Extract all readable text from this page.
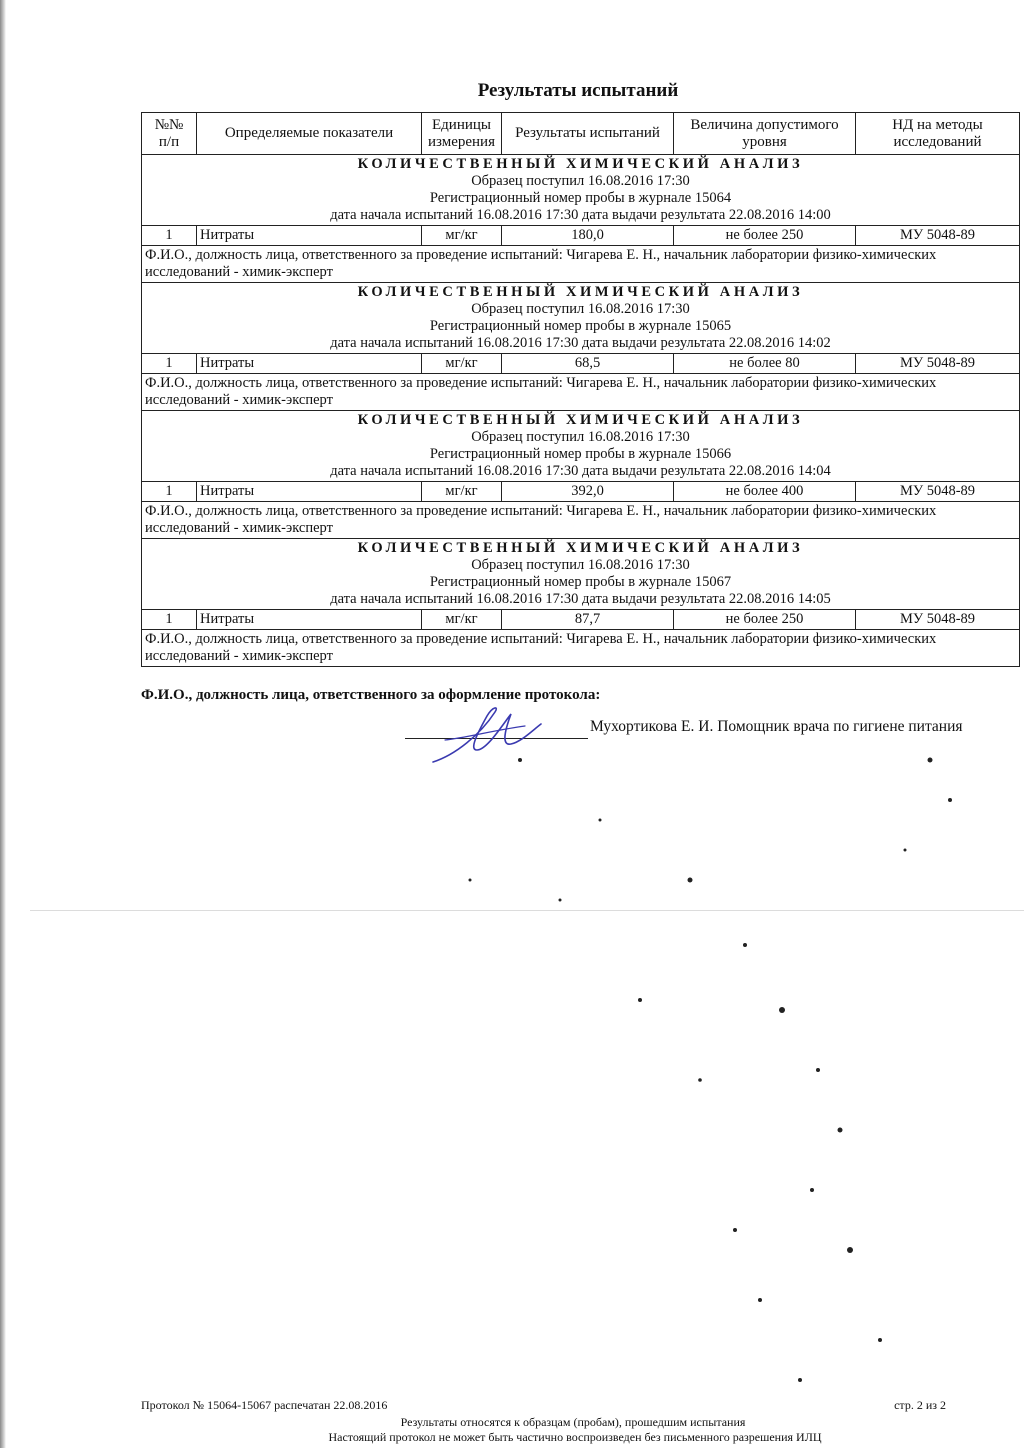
Результаты испытаний
№№
п/п	Определяемые показатели	Единицы измерения	Результаты испытаний	Величина допустимого уровня	НД на методы исследований

КОЛИЧЕСТВЕННЫЙ ХИМИЧЕСКИЙ АНАЛИЗ
Образец поступил 16.08.2016 17:30
Регистрационный номер пробы в журнале 15064
дата начала испытаний 16.08.2016 17:30 дата выдачи результата 22.08.2016 14:00					

1	Нитраты	мг/кг	180,0	не более 250	МУ 5048-89
Ф.И.О., должность лица, ответственного за проведение испытаний: Чигарева Е. Н., начальник лаборатории физико-химических исследований - химик-эксперт					

КОЛИЧЕСТВЕННЫЙ ХИМИЧЕСКИЙ АНАЛИЗ
Образец поступил 16.08.2016 17:30
Регистрационный номер пробы в журнале 15065
дата начала испытаний 16.08.2016 17:30 дата выдачи результата 22.08.2016 14:02					

1	Нитраты	мг/кг	68,5	не более 80	МУ 5048-89
Ф.И.О., должность лица, ответственного за проведение испытаний: Чигарева Е. Н., начальник лаборатории физико-химических исследований - химик-эксперт					

КОЛИЧЕСТВЕННЫЙ ХИМИЧЕСКИЙ АНАЛИЗ
Образец поступил 16.08.2016 17:30
Регистрационный номер пробы в журнале 15066
дата начала испытаний 16.08.2016 17:30 дата выдачи результата 22.08.2016 14:04					

1	Нитраты	мг/кг	392,0	не более 400	МУ 5048-89
Ф.И.О., должность лица, ответственного за проведение испытаний: Чигарева Е. Н., начальник лаборатории физико-химических исследований - химик-эксперт					

КОЛИЧЕСТВЕННЫЙ ХИМИЧЕСКИЙ АНАЛИЗ
Образец поступил 16.08.2016 17:30
Регистрационный номер пробы в журнале 15067
дата начала испытаний 16.08.2016 17:30 дата выдачи результата 22.08.2016 14:05					

1	Нитраты	мг/кг	87,7	не более 250	МУ 5048-89
Ф.И.О., должность лица, ответственного за проведение испытаний: Чигарева Е. Н., начальник лаборатории физико-химических исследований - химик-эксперт					
Ф.И.О., должность лица, ответственного за оформление протокола:
Мухортикова Е. И. Помощник врача по гигиене питания
Протокол № 15064-15067 распечатан 22.08.2016	стр. 2 из 2
Результаты относятся к образцам (пробам), прошедшим испытания
Настоящий протокол не может быть частично воспроизведен без письменного разрешения ИЛЦ
